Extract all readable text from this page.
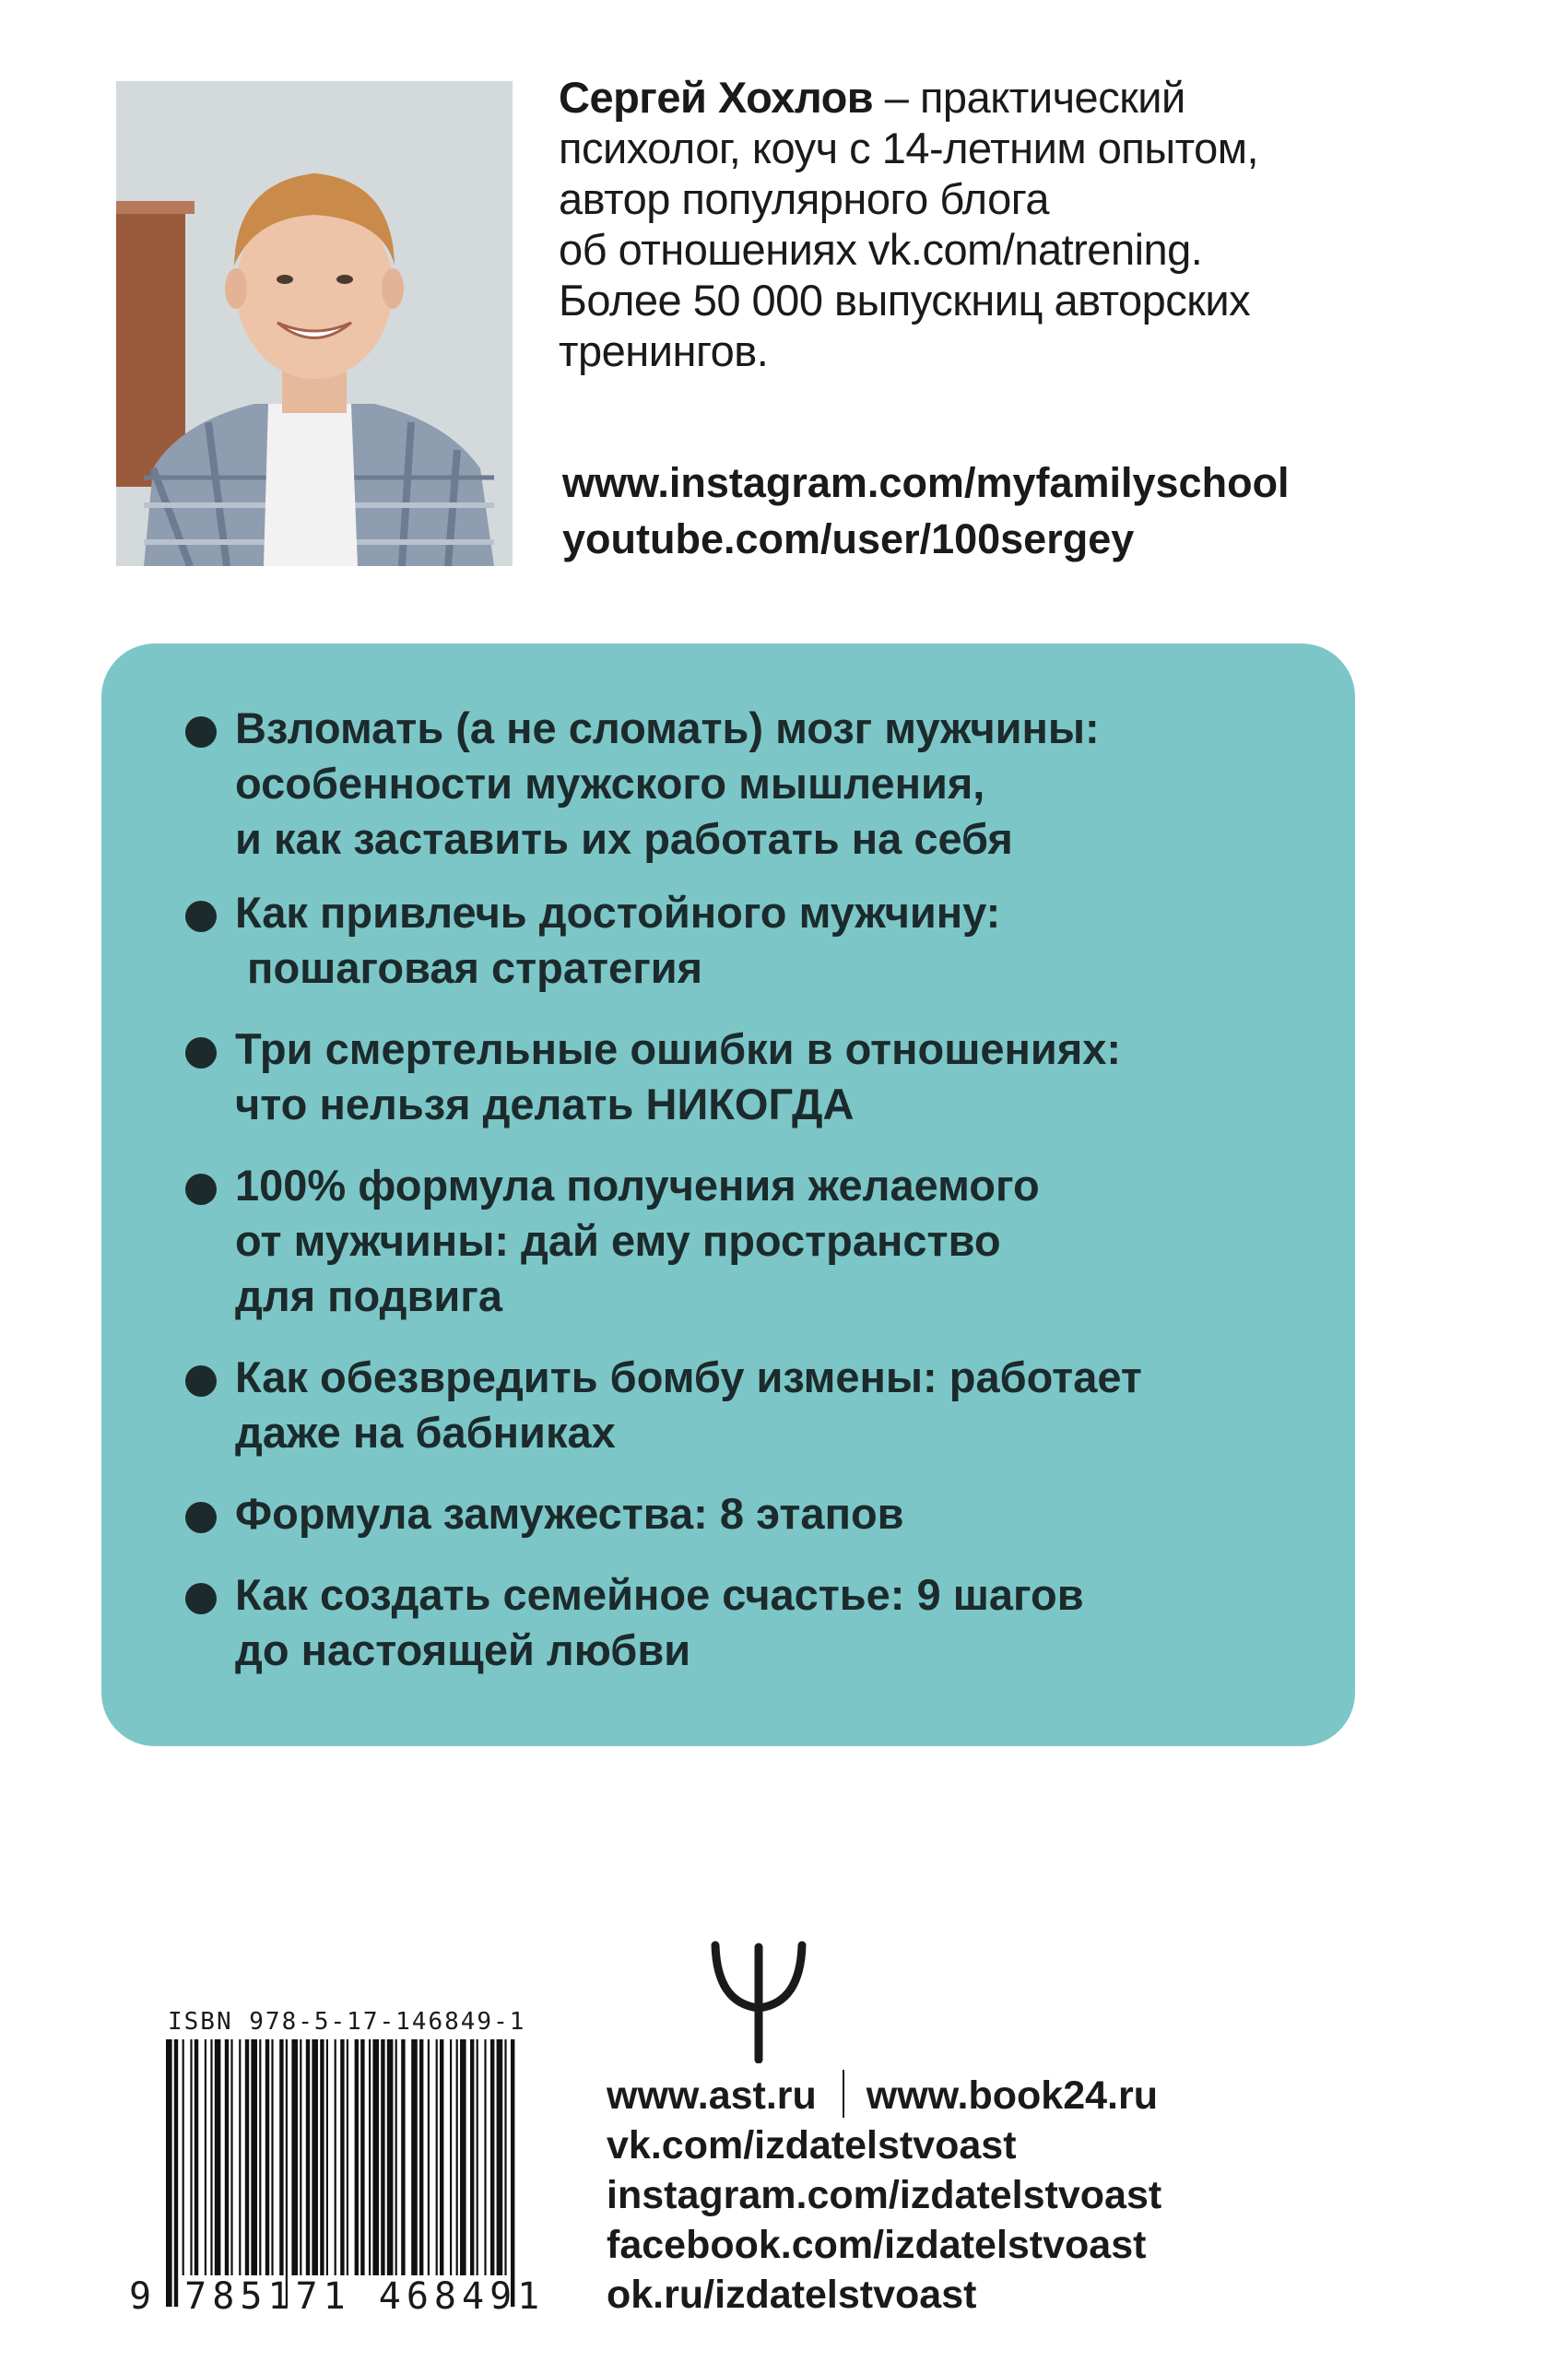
Сергей Хохлов – практический
психолог, коуч с 14-летним опытом,
автор популярного блога
об отношениях vk.com/natrening.
Более 50 000 выпускниц авторских
тренингов.
www.instagram.com/myfamilyschool
youtube.com/user/100sergey
Взломать (а не сломать) мозг мужчины:
особенности мужского мышления,
и как заставить их работать на себя
Как привлечь достойного мужчину:
пошаговая стратегия
Три смертельные ошибки в отношениях:
что нельзя делать НИКОГДА
100% формула получения желаемого
от мужчины: дай ему пространство
для подвига
Как обезвредить бомбу измены: работает
даже на бабниках
Формула замужества: 8 этапов
Как создать семейное счастье: 9 шагов
до настоящей любви
ISBN 978-5-17-146849-1
9 785171 468491
www.ast.ru www.book24.ru
vk.com/izdatelstvoast
instagram.com/izdatelstvoast
facebook.com/izdatelstvoast
ok.ru/izdatelstvoast
